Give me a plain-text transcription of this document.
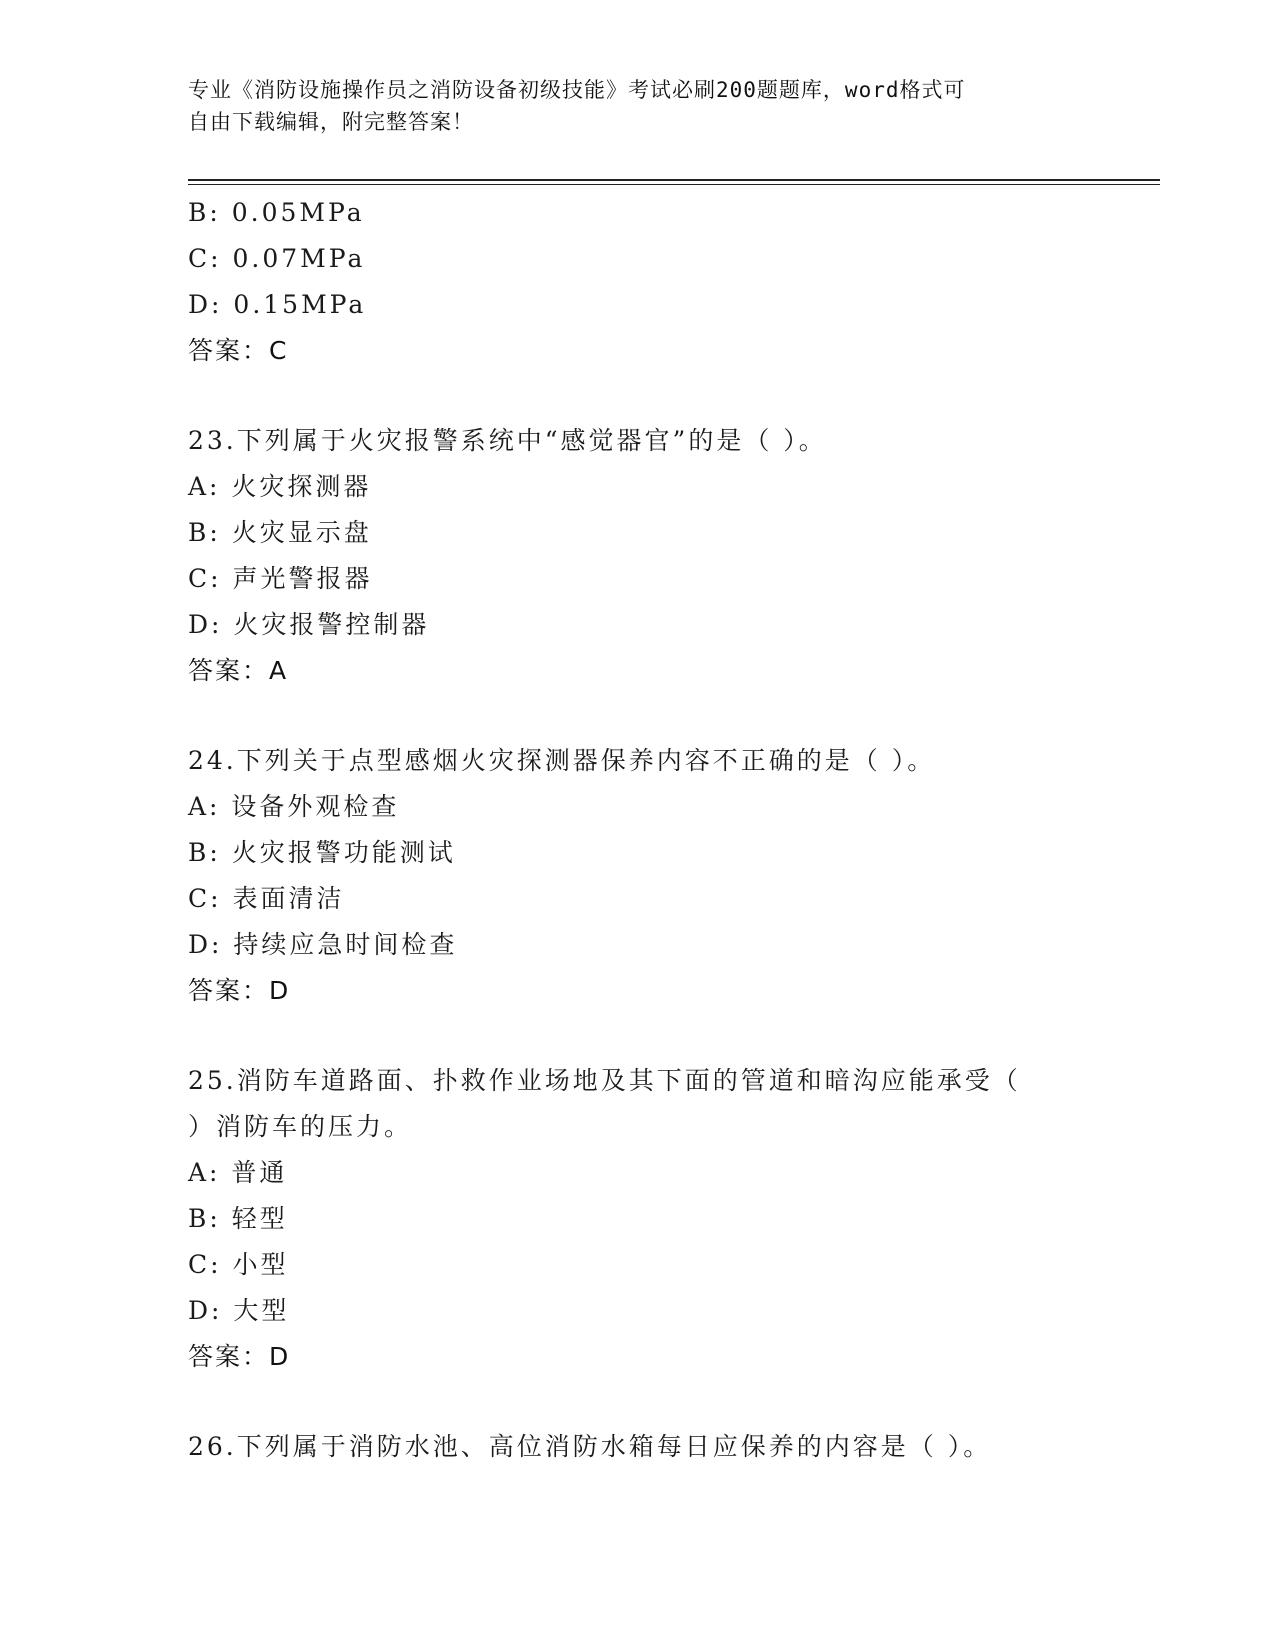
专业《消防设施操作员之消防设备初级技能》考试必刷200题题库，word格式可
自由下载编辑，附完整答案！
B: 0.05MPa
C: 0.07MPa
D: 0.15MPa
答案：C
23.下列属于火灾报警系统中“感觉器官”的是（ ）。
A: 火灾探测器
B: 火灾显示盘
C: 声光警报器
D: 火灾报警控制器
答案：A
24.下列关于点型感烟火灾探测器保养内容不正确的是（ ）。
A: 设备外观检查
B: 火灾报警功能测试
C: 表面清洁
D: 持续应急时间检查
答案：D
25.消防车道路面、扑救作业场地及其下面的管道和暗沟应能承受（
）消防车的压力。
A: 普通
B: 轻型
C: 小型
D: 大型
答案：D
26.下列属于消防水池、高位消防水箱每日应保养的内容是（ ）。
